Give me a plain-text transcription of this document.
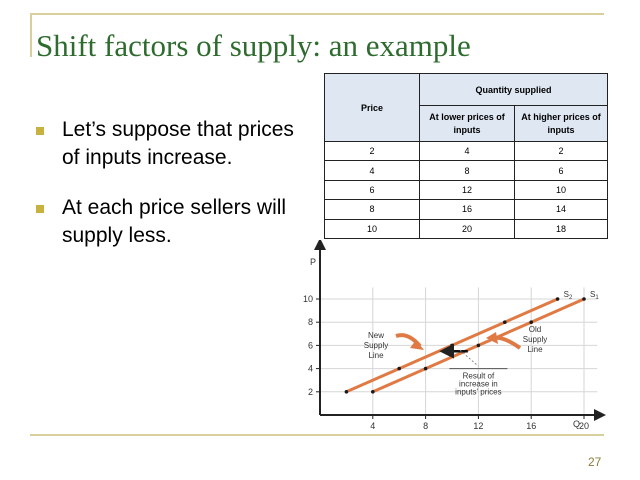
Shift factors of supply: an example
Let’s suppose that prices of inputs increase.
At each price sellers will supply less.
Price	Quantity supplied	
	At lower prices of inputs	At higher prices of inputs
2	4	2
4	8	6
6	12	10
8	16	14
10	20	18
2
4
6
8
10
4	8	12	16	20
$S_2$ $S_1$
New Supply Line
Old Supply Line
Result of increase in inputs' prices
P
Q
27
